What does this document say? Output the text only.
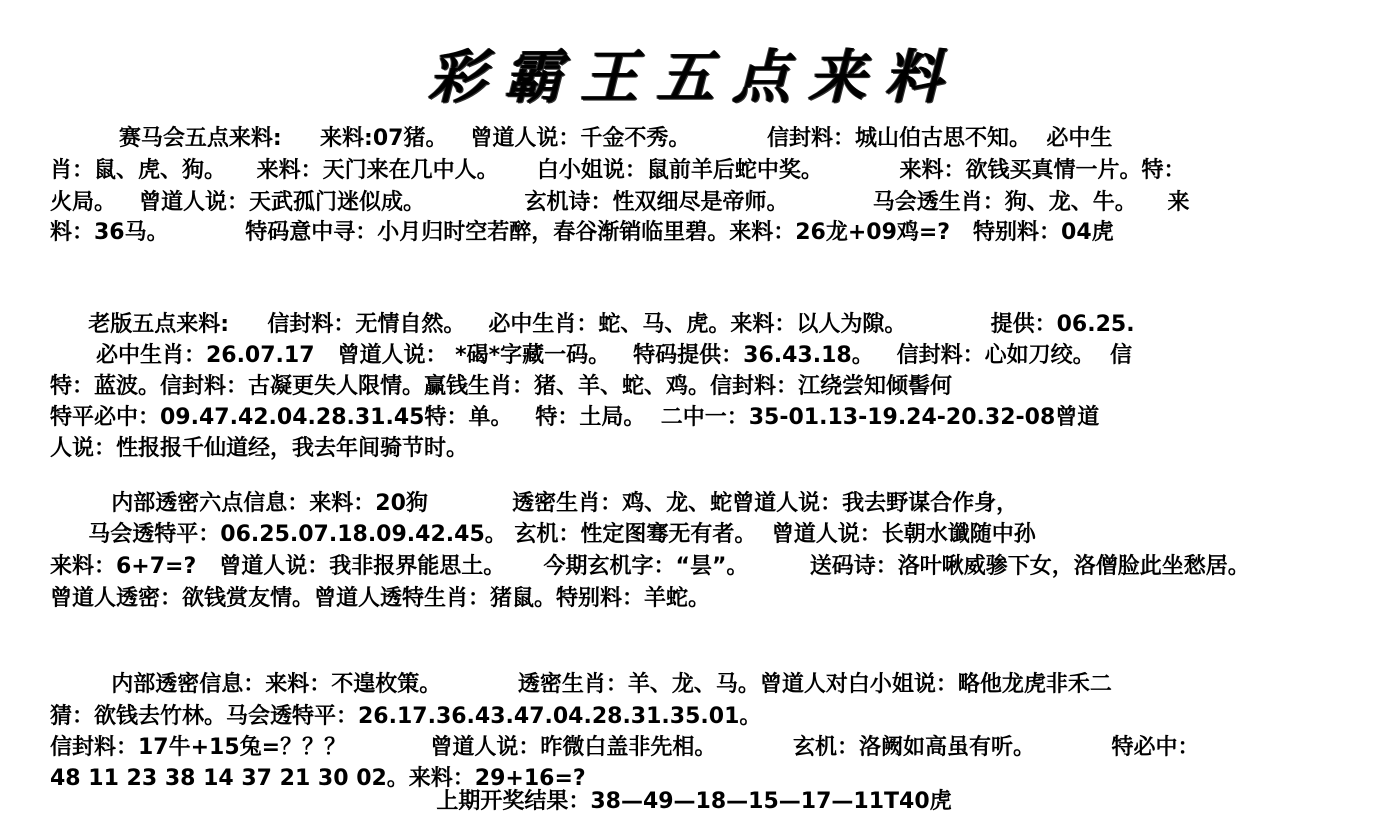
彩霸王五点来料
赛马会五点来料:     来料:07猪。   曾道人说：千金不秀。          信封料：城山伯古思不知。  必中生
肖：鼠、虎、狗。    来料：天门来在几中人。     白小姐说：鼠前羊后蛇中奖。          来料：欲钱买真情一片。特：
火局。   曾道人说：天武孤门迷似成。             玄机诗：性双细尽是帝师。           马会透生肖：狗、龙、牛。    来
料：36马。          特码意中寻：小月归时空若醉，春谷渐销临里碧。来料：26龙+09鸡=?   特别料：04虎
老版五点来料:     信封料：无情自然。   必中生肖：蛇、马、虎。来料：以人为隙。           提供：06.25.
必中生肖：26.07.17   曾道人说： *碣*字藏一码。   特码提供：36.43.18。   信封料：心如刀绞。  信
特：蓝波。信封料：古凝更失人限情。赢钱生肖：猪、羊、蛇、鸡。信封料：江绕尝知倾髻何
特平必中：09.47.42.04.28.31.45特：单。   特：土局。  二中一：35-01.13-19.24-20.32-08曾道
人说：性报报千仙道经，我去年间骑节时。
内部透密六点信息：来料：20狗           透密生肖：鸡、龙、蛇曾道人说：我去野谋合作身，
马会透特平：06.25.07.18.09.42.45。 玄机：性定图骞无有者。  曾道人说：长朝水谶随中孙
来料：6+7=?   曾道人说：我非报界能思土。     今期玄机字：“昙”。        送码诗：洛叶啾威骖下女，洛僧脸此坐愁居。
曾道人透密：欲钱赏友情。曾道人透特生肖：猪鼠。特别料：羊蛇。
内部透密信息：来料：不遑枚策。          透密生肖：羊、龙、马。曾道人对白小姐说：略他龙虎非禾二
猜：欲钱去竹林。马会透特平：26.17.36.43.47.04.28.31.35.01。
信封料：17牛+15兔=？？？           曾道人说：昨微白盖非先相。          玄机：洛阙如高虽有听。          特必中：
48 11 23 38 14 37 21 30 02。来料：29+16=?
上期开奖结果：38—49—18—15—17—11T40虎
